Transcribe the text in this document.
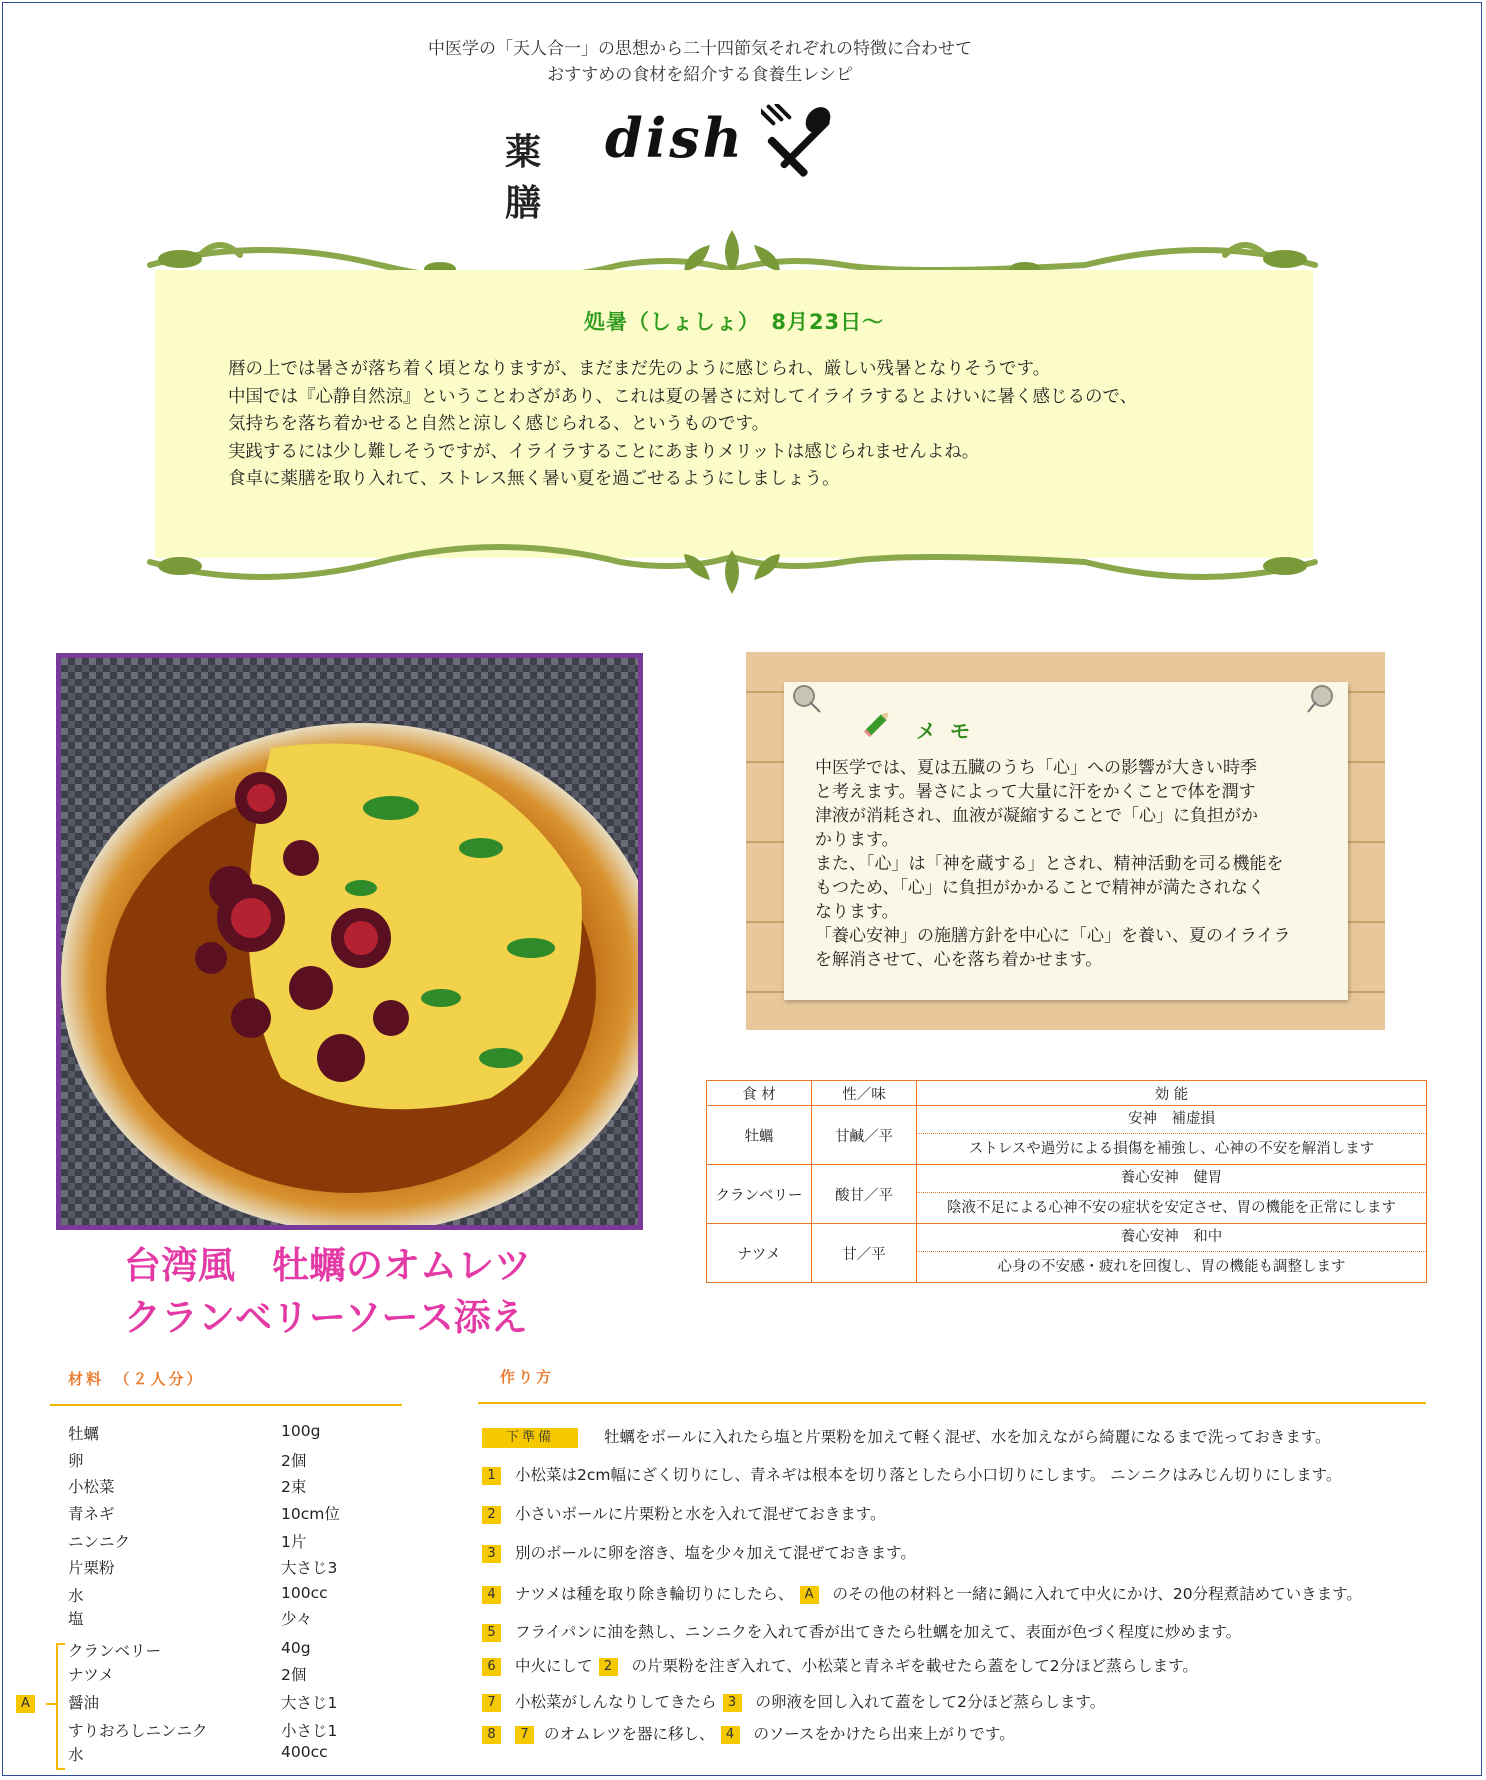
中医学の「天人合一」の思想から二十四節気それぞれの特徴に合わせて
おすすめの食材を紹介する食養生レシピ
薬膳
dish
処暑（しょしょ）　8月23日～

暦の上では暑さが落ち着く頃となりますが、まだまだ先のように感じられ、厳しい残暑となりそうです。

中国では『心静自然涼』ということわざがあり、これは夏の暑さに対してイライラするとよけいに暑く感じるので、

気持ちを落ち着かせると自然と涼しく感じられる、というものです。

実践するには少し難しそうですが、イライラすることにあまりメリットは感じられませんよね。

食卓に薬膳を取り入れて、ストレス無く暑い夏を過ごせるようにしましょう。

台湾風　牡蠣のオムレツ

クランベリーソース添え

メモ

中医学では、夏は五臓のうち「心」への影響が大きい時季

と考えます。暑さによって大量に汗をかくことで体を潤す

津液が消耗され、血液が凝縮することで「心」に負担がか

かります。

また、「心」は「神を蔵する」とされ、精神活動を司る機能を

もつため、「心」に負担がかかることで精神が満たされなく

なります。

「養心安神」の施膳方針を中心に「心」を養い、夏のイライラ

を解消させて、心を落ち着かせます。

食 材	性／味	効 能
牡蠣	甘鹹／平	安神　補虚損
ストレスや過労による損傷を補強し、心神の不安を解消します

クランベリー	酸甘／平	養心安神　健胃
陰液不足による心神不安の症状を安定させ、胃の機能を正常にします

ナツメ	甘／平	養心安神　和中
心身の不安感・疲れを回復し、胃の機能も調整します
材料　（２人分）
牡蠣	100g
卵	2個
小松菜	2束
青ネギ	10cm位
ニンニク	1片
片栗粉	大さじ3
水	100cc
塩	少々
クランベリー	40g
ナツメ	2個
醤油	大さじ1
すりおろしニンニク	小さじ1
水	400cc
A
作り方
下準備	牡蠣をボールに入れたら塩と片栗粉を加えて軽く混ぜ、水を加えながら綺麗になるまで洗っておきます。
1 小松菜は2cm幅にざく切りにし、青ネギは根本を切り落としたら小口切りにします。 ニンニクはみじん切りにします。
2 小さいボールに片栗粉と水を入れて混ぜておきます。
3 別のボールに卵を溶き、塩を少々加えて混ぜておきます。
4 ナツメは種を取り除き輪切りにしたら、 A のその他の材料と一緒に鍋に入れて中火にかけ、20分程煮詰めていきます。
5 フライパンに油を熱し、ニンニクを入れて香が出てきたら牡蠣を加えて、表面が色づく程度に炒めます。
6 中火にして 2 の片栗粉を注ぎ入れて、小松菜と青ネギを載せたら蓋をして2分ほど蒸らします。
7 小松菜がしんなりしてきたら 3 の卵液を回し入れて蓋をして2分ほど蒸らします。
8 7 のオムレツを器に移し、 4 のソースをかけたら出来上がりです。
